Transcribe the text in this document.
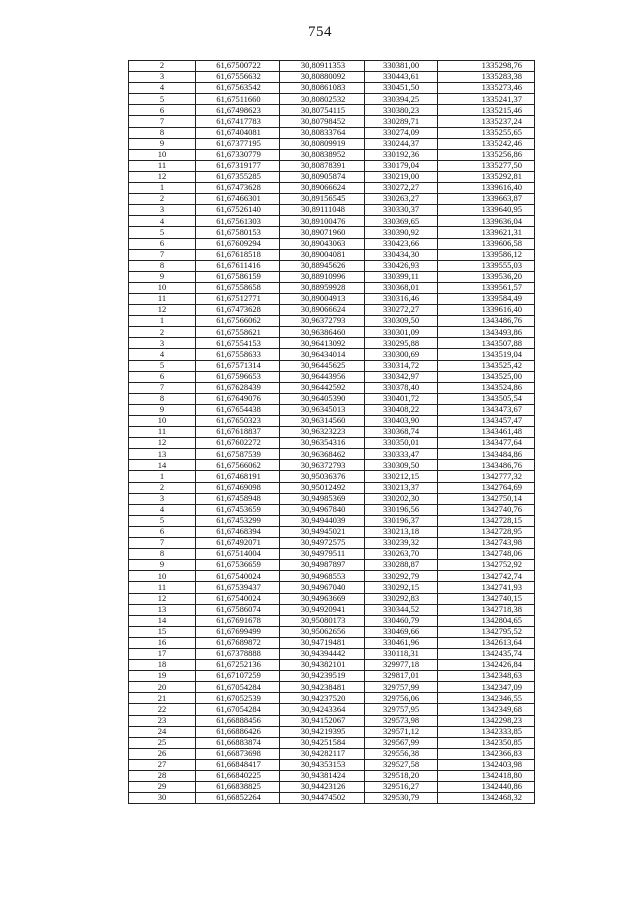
754
2	61,67500722	30,80911353	330381,00	1335298,76
3	61,67556632	30,80880092	330443,61	1335283,38
4	61,67563542	30,80861083	330451,50	1335273,46
5	61,67511660	30,80802532	330394,25	1335241,37
6	61,67498623	30,80754115	330380,23	1335215,46
7	61,67417783	30,80798452	330289,71	1335237,24
8	61,67404081	30,80833764	330274,09	1335255,65
9	61,67377195	30,80809919	330244,37	1335242,46
10	61,67330779	30,80838952	330192,36	1335256,86
11	61,67319177	30,80878391	330179,04	1335277,50
12	61,67355285	30,80905874	330219,00	1335292,81
1	61,67473628	30,89066624	330272,27	1339616,40
2	61,67466301	30,89156545	330263,27	1339663,87
3	61,67526140	30,89111048	330330,37	1339640,95
4	61,67561303	30,89100476	330369,65	1339636,04
5	61,67580153	30,89071960	330390,92	1339621,31
6	61,67609294	30,89043063	330423,66	1339606,58
7	61,67618518	30,89004081	330434,30	1339586,12
8	61,67611416	30,88945626	330426,93	1339555,03
9	61,67586159	30,88910996	330399,11	1339536,20
10	61,67558658	30,88959928	330368,01	1339561,57
11	61,67512771	30,89004913	330316,46	1339584,49
12	61,67473628	30,89066624	330272,27	1339616,40
1	61,67566062	30,96372793	330309,50	1343486,76
2	61,67558621	30,96386460	330301,09	1343493,86
3	61,67554153	30,96413092	330295,88	1343507,88
4	61,67558633	30,96434014	330300,69	1343519,04
5	61,67571314	30,96445625	330314,72	1343525,42
6	61,67596653	30,96443956	330342,97	1343525,00
7	61,67628439	30,96442592	330378,40	1343524,86
8	61,67649076	30,96405390	330401,72	1343505,54
9	61,67654438	30,96345013	330408,22	1343473,67
10	61,67650323	30,96314560	330403,90	1343457,47
11	61,67618837	30,96323223	330368,74	1343461,48
12	61,67602272	30,96354316	330350,01	1343477,64
13	61,67587539	30,96368462	330333,47	1343484,86
14	61,67566062	30,96372793	330309,50	1343486,76
1	61,67468191	30,95036376	330212,15	1342777,32
2	61,67469098	30,95012492	330213,37	1342764,69
3	61,67458948	30,94985369	330202,30	1342750,14
4	61,67453659	30,94967840	330196,56	1342740,76
5	61,67453299	30,94944039	330196,37	1342728,15
6	61,67468394	30,94945021	330213,18	1342728,95
7	61,67492071	30,94972575	330239,32	1342743,98
8	61,67514004	30,94979511	330263,70	1342748,06
9	61,67536659	30,94987897	330288,87	1342752,92
10	61,67540024	30,94968553	330292,79	1342742,74
11	61,67539437	30,94967040	330292,15	1342741,93
12	61,67540024	30,94963669	330292,83	1342740,15
13	61,67586074	30,94920941	330344,52	1342718,38
14	61,67691678	30,95080173	330460,79	1342804,65
15	61,67699499	30,95062656	330469,66	1342795,52
16	61,67689872	30,94719481	330461,96	1342613,64
17	61,67378888	30,94394442	330118,31	1342435,74
18	61,67252136	30,94382101	329977,18	1342426,84
19	61,67107259	30,94239519	329817,01	1342348,63
20	61,67054284	30,94238481	329757,99	1342347,09
21	61,67052539	30,94237520	329756,06	1342346,55
22	61,67054284	30,94243364	329757,95	1342349,68
23	61,66888456	30,94152067	329573,98	1342298,23
24	61,66886426	30,94219395	329571,12	1342333,85
25	61,66883874	30,94251584	329567,99	1342350,85
26	61,66873698	30,94282117	329556,38	1342366,83
27	61,66848417	30,94353153	329527,58	1342403,98
28	61,66840225	30,94381424	329518,20	1342418,80
29	61,66838825	30,94423126	329516,27	1342440,86
30	61,66852264	30,94474502	329530,79	1342468,32
